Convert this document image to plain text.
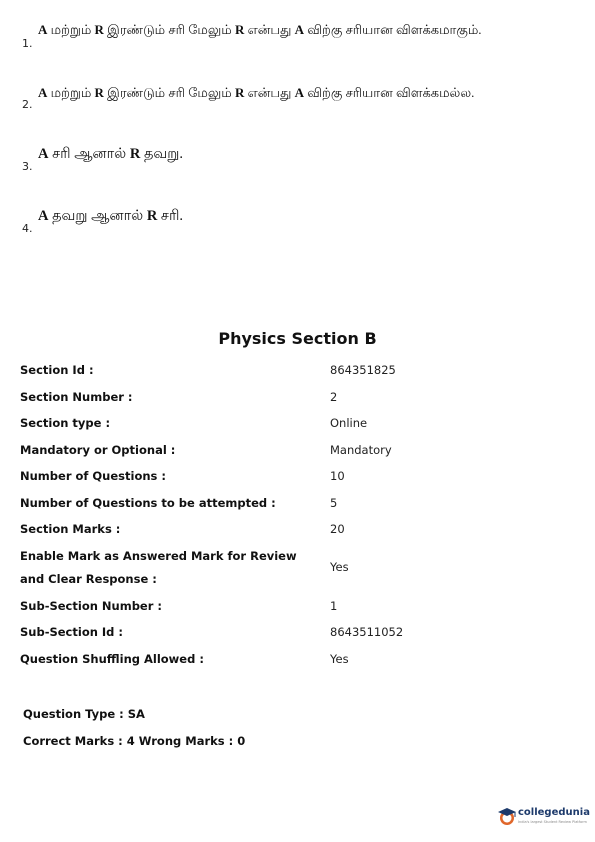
1.
A மற்றும் R இரண்டும் சரி மேலும் R என்பது A விற்கு சரியான விளக்கமாகும்.
2.
A மற்றும் R இரண்டும் சரி மேலும் R என்பது A விற்கு சரியான விளக்கமல்ல.
3.
A சரி ஆனால் R தவறு.
4.
A தவறு ஆனால் R சரி.
Physics Section B
Section Id :	864351825
Section Number :	2
Section type :	Online
Mandatory or Optional :	Mandatory
Number of Questions :	10
Number of Questions to be attempted :	5
Section Marks :	20
Enable Mark as Answered Mark for Review and Clear Response :
Yes
Sub-Section Number :	1
Sub-Section Id :	8643511052
Question Shuffling Allowed :	Yes
Question Type : SA
Correct Marks : 4 Wrong Marks : 0
collegedunia
India's largest Student Review Platform
